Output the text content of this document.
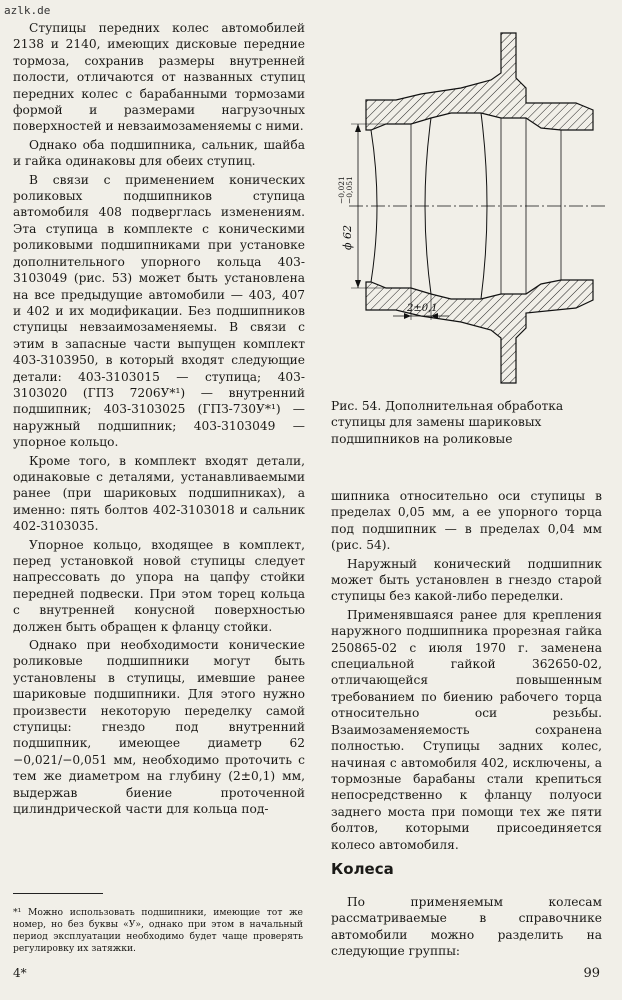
azlk.de

Ступицы передних колес автомобилей 2138 и 2140, имеющих дисковые передние тормоза, сохранив размеры внутренней полости, отличаются от названных ступиц передних колес с барабанными тормозами формой и размерами нагрузочных поверхностей и невзаимозаменяемы с ними.

Однако оба подшипника, сальник, шайба и гайка одинаковы для обеих ступиц.

В связи с применением конических роликовых подшипников ступица автомобиля 408 подверглась изменениям. Эта ступица в комплекте с коническими роликовыми подшипниками при установке дополнительного упорного кольца 403-3103049 (рис. 53) может быть установлена на все предыдущие автомобили — 403, 407 и 402 и их модификации. Без подшипников ступицы невзаимозаменяемы. В связи с этим в запасные части выпущен комплект 403-3103950, в который входят следующие детали: 403-3103015 — ступица; 403-3103020 (ГПЗ 7206У*¹) — внутренний подшипник; 403-3103025 (ГПЗ-730У*¹) — наружный подшипник; 403-3103049 — упорное кольцо.

Кроме того, в комплект входят детали, одинаковые с деталями, устанавливаемыми ранее (при шариковых подшипниках), а именно: пять болтов 402-3103018 и сальник 402-3103035.

Упорное кольцо, входящее в комплект, перед установкой новой ступицы следует напрессовать до упора на цапфу стойки передней подвески. При этом торец кольца с внутренней конусной поверхностью должен быть обращен к фланцу стойки.

Однако при необходимости конические роликовые подшипники могут быть установлены в ступицы, имевшие ранее шариковые подшипники. Для этого нужно произвести некоторую переделку самой ступицы: гнездо под внутренний подшипник, имеющее диаметр 62 −0,021/−0,051 мм, необходимо проточить с тем же диаметром на глубину (2±0,1) мм, выдержав биение проточенной цилиндрической части для кольца под-

ϕ 62
−0,021 −0,051
2±0,1
Рис. 54. Дополнительная обработка ступицы для замены шариковых подшипников на роликовые

шипника относительно оси ступицы в пределах 0,05 мм, а ее упорного торца под подшипник — в пределах 0,04 мм (рис. 54).

Наружный конический подшипник может быть установлен в гнездо старой ступицы без какой-либо переделки.

Применявшаяся ранее для крепления наружного подшипника прорезная гайка 250865-02 с июля 1970 г. заменена специальной гайкой 362650-02, отличающейся повышенным требованием по биению рабочего торца относительно оси резьбы. Взаимозаменяемость сохранена полностью. Ступицы задних колес, начиная с автомобиля 402, исключены, а тормозные барабаны стали крепиться непосредственно к фланцу полуоси заднего моста при помощи тех же пяти болтов, которыми присоединяется колесо автомобиля.

Колеса

По применяемым колесам рассматриваемые в справочнике автомобили можно разделить на следующие группы:

*¹ Можно использовать подшипники, имеющие тот же номер, но без буквы «У», однако при этом в начальный период эксплуатации необходимо будет чаще проверять регулировку их затяжки.
4*	99
